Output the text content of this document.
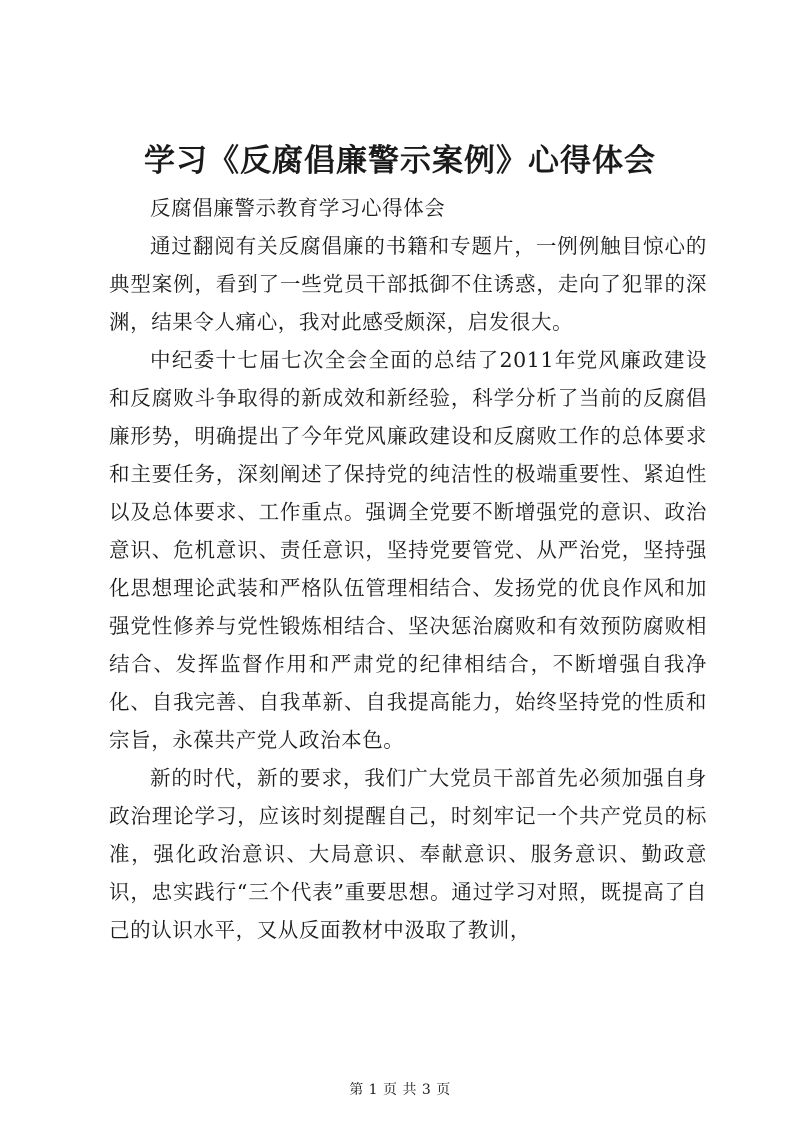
学习《反腐倡廉警示案例》心得体会

反腐倡廉警示教育学习心得体会

通过翻阅有关反腐倡廉的书籍和专题片，一例例触目惊心的典型案例，看到了一些党员干部抵御不住诱惑，走向了犯罪的深渊，结果令人痛心，我对此感受颇深，启发很大。

中纪委十七届七次全会全面的总结了2011年党风廉政建设和反腐败斗争取得的新成效和新经验，科学分析了当前的反腐倡廉形势，明确提出了今年党风廉政建设和反腐败工作的总体要求和主要任务，深刻阐述了保持党的纯洁性的极端重要性、紧迫性以及总体要求、工作重点。强调全党要不断增强党的意识、政治意识、危机意识、责任意识，坚持党要管党、从严治党，坚持强化思想理论武装和严格队伍管理相结合、发扬党的优良作风和加强党性修养与党性锻炼相结合、坚决惩治腐败和有效预防腐败相结合、发挥监督作用和严肃党的纪律相结合，不断增强自我净化、自我完善、自我革新、自我提高能力，始终坚持党的性质和宗旨，永葆共产党人政治本色。

新的时代，新的要求，我们广大党员干部首先必须加强自身政治理论学习，应该时刻提醒自己，时刻牢记一个共产党员的标准，强化政治意识、大局意识、奉献意识、服务意识、勤政意识，忠实践行“三个代表”重要思想。通过学习对照，既提高了自己的认识水平，又从反面教材中汲取了教训，

第 1 页 共 3 页
